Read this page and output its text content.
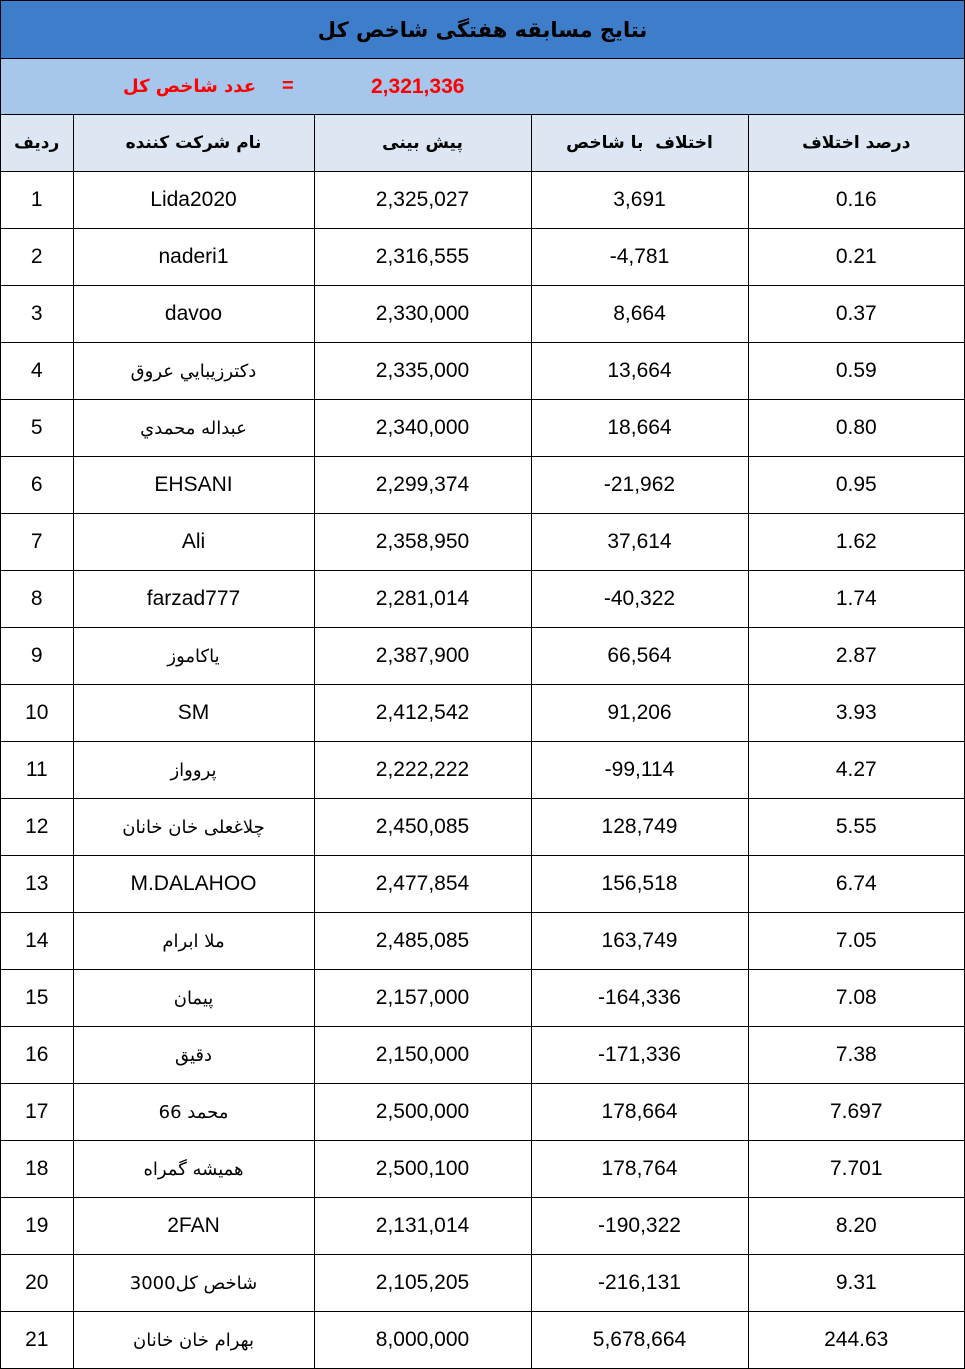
نتایج مسابقه هفتگی شاخص کل
2,321,336
=
عدد شاخص کل
ردیف	نام شرکت کننده	پیش بینی	اختلاف  با شاخص	درصد اختلاف
1	Lida2020	2,325,027	3,691	0.16
2	naderi1	2,316,555	-4,781	0.21
3	davoo	2,330,000	8,664	0.37
4	دكترزيبايي عروق	2,335,000	13,664	0.59
5	عبداله محمدي	2,340,000	18,664	0.80
6	EHSANI	2,299,374	-21,962	0.95
7	Ali	2,358,950	37,614	1.62
8	farzad777	2,281,014	-40,322	1.74
9	ياكاموز	2,387,900	66,564	2.87
10	SM	2,412,542	91,206	3.93
11	پروواز	2,222,222	-99,114	4.27
12	چلاغعلی خان خانان	2,450,085	128,749	5.55
13	M.DALAHOO	2,477,854	156,518	6.74
14	ملا ابرام	2,485,085	163,749	7.05
15	پیمان	2,157,000	-164,336	7.08
16	دقیق	2,150,000	-171,336	7.38
17	محمد 66	2,500,000	178,664	7.697
18	همیشه گمراه	2,500,100	178,764	7.701
19	2FAN	2,131,014	-190,322	8.20
20	شاخص كل3000	2,105,205	-216,131	9.31
21	بهرام خان خانان	8,000,000	5,678,664	244.63
